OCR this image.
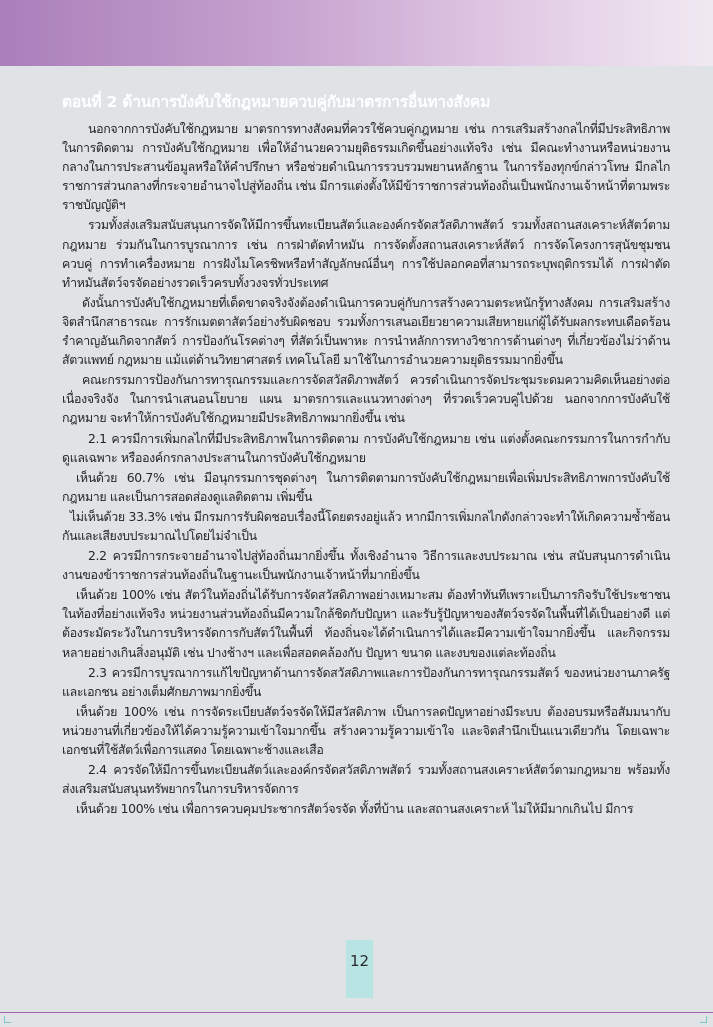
ตอนที่ 2 ด้านการบังคับใช้กฎหมายควบคู่กับมาตรการอื่นทางสังคม

นอกจากการบังคับใช้กฎหมาย มาตรการทางสังคมที่ควรใช้ควบคู่กฎหมาย เช่น การเสริมสร้างกลไกที่มีประสิทธิภาพในการติดตาม การบังคับใช้กฎหมาย เพื่อให้อำนวยความยุติธรรมเกิดขึ้นอย่างแท้จริง เช่น มีคณะทำงานหรือหน่วยงานกลางในการประสานข้อมูลหรือให้คำปรึกษา หรือช่วยดำเนินการรวบรวมพยานหลักฐาน ในการร้องทุกข์กล่าวโทษ มีกลไกราชการส่วนกลางที่กระจายอำนาจไปสู่ท้องถิ่น เช่น มีการแต่งตั้งให้มีข้าราชการส่วนท้องถิ่นเป็นพนักงานเจ้าหน้าที่ตามพระราชบัญญัติฯ

รวมทั้งส่งเสริมสนับสนุนการจัดให้มีการขึ้นทะเบียนสัตว์และองค์กรจัดสวัสดิภาพสัตว์ รวมทั้งสถานสงเคราะห์สัตว์ตามกฎหมาย ร่วมกันในการบูรณาการ เช่น การฝ่าตัดทำหมัน การจัดตั้งสถานสงเคราะห์สัตว์ การจัดโครงการสุนัขชุมชน ควบคู่ การทำเครื่องหมาย การฝังไมโครชิพหรือทำสัญลักษณ์อื่นๆ การใช้ปลอกคอที่สามารถระบุพฤติกรรมได้ การฝ่าตัดทำหมันสัตว์จรจัดอย่างรวดเร็วครบทั้งวงจรทั่วประเทศ

ดังนั้นการบังคับใช้กฎหมายที่เด็ดขาดจริงจังต้องดำเนินการควบคู่กับการสร้างความตระหนักรู้ทางสังคม การเสริมสร้างจิตสำนึกสาธารณะ การรักเมตตาสัตว์อย่างรับผิดชอบ รวมทั้งการเสนอเยียวยาความเสียหายแก่ผู้ได้รับผลกระทบเดือดร้อนรำคาญอันเกิดจากสัตว์ การป้องกันโรคต่างๆ ที่สัตว์เป็นพาหะ การนำหลักการทางวิชาการด้านต่างๆ ที่เกี่ยวข้องไม่ว่าด้านสัตวแพทย์ กฎหมาย แม้แต่ด้านวิทยาศาสตร์ เทคโนโลยี มาใช้ในการอำนวยความยุติธรรมมากยิ่งขึ้น

คณะกรรมการป้องกันการทารุณกรรมและการจัดสวัสดิภาพสัตว์ ควรดำเนินการจัดประชุมระดมความคิดเห็นอย่างต่อเนื่องจริงจัง ในการนำเสนอนโยบาย แผน มาตรการและแนวทางต่างๆ ที่รวดเร็วควบคู่ไปด้วย นอกจากการบังคับใช้กฎหมาย จะทำให้การบังคับใช้กฎหมายมีประสิทธิภาพมากยิ่งขึ้น เช่น

2.1 ควรมีการเพิ่มกลไกที่มีประสิทธิภาพในการติดตาม การบังคับใช้กฎหมาย เช่น แต่งตั้งคณะกรรมการในการกำกับดูแลเฉพาะ หรือองค์กรกลางประสานในการบังคับใช้กฎหมาย

เห็นด้วย 60.7% เช่น มีอนุกรรมการชุดต่างๆ ในการติดตามการบังคับใช้กฎหมายเพื่อเพิ่มประสิทธิภาพการบังคับใช้กฎหมาย และเป็นการสอดส่องดูแลติดตาม เพิ่มขึ้น

ไม่เห็นด้วย 33.3% เช่น มีกรมการรับผิดชอบเรื่องนี้โดยตรงอยู่แล้ว หากมีการเพิ่มกลไกดังกล่าวจะทำให้เกิดความซ้ำซ้อนกันและเสียงบประมาณไปโดยไม่จำเป็น

2.2 ควรมีการกระจายอำนาจไปสู่ท้องถิ่นมากยิ่งขึ้น ทั้งเชิงอำนาจ วิธีการและงบประมาณ เช่น สนับสนุนการดำเนินงานของข้าราชการส่วนท้องถิ่นในฐานะเป็นพนักงานเจ้าหน้าที่มากยิ่งขึ้น

เห็นด้วย 100% เช่น สัตว์ในท้องถิ่นได้รับการจัดสวัสดิภาพอย่างเหมาะสม ต้องทำทันทีเพราะเป็นภารกิจรับใช้ประชาชนในท้องที่อย่างแท้จริง หน่วยงานส่วนท้องถิ่นมีความใกล้ชิดกับปัญหา และรับรู้ปัญหาของสัตว์จรจัดในพื้นที่ได้เป็นอย่างดี แต่ต้องระมัดระวังในการบริหารจัดการกับสัตว์ในพื้นที่ ท้องถิ่นจะได้ดำเนินการได้และมีความเข้าใจมากยิ่งขึ้น และกิจกรรมหลายอย่างเกินสิ่งอนุมัติ เช่น ปางช้างฯ และเพื่อสอดคล้องกับ ปัญหา ขนาด และงบของแต่ละท้องถิ่น

2.3 ควรมีการบูรณาการแก้ไขปัญหาด้านการจัดสวัสดิภาพและการป้องกันการทารุณกรรมสัตว์ ของหน่วยงานภาครัฐและเอกชน อย่างเต็มศักยภาพมากยิ่งขึ้น

เห็นด้วย 100% เช่น การจัดระเบียบสัตว์จรจัดให้มีสวัสดิภาพ เป็นการลดปัญหาอย่างมีระบบ ต้องอบรมหรือสัมมนากับหน่วยงานที่เกี่ยวข้องให้ได้ความรู้ความเข้าใจมากขึ้น สร้างความรู้ความเข้าใจ และจิตสำนึกเป็นแนวเดียวกัน โดยเฉพาะเอกชนที่ใช้สัตว์เพื่อการแสดง โดยเฉพาะช้างและเสือ

2.4 ควรจัดให้มีการขึ้นทะเบียนสัตว์และองค์กรจัดสวัสดิภาพสัตว์ รวมทั้งสถานสงเคราะห์สัตว์ตามกฎหมาย พร้อมทั้งส่งเสริมสนับสนุนทรัพยากรในการบริหารจัดการ

เห็นด้วย 100% เช่น เพื่อการควบคุมประชากรสัตว์จรจัด ทั้งที่บ้าน และสถานสงเคราะห์ ไม่ให้มีมากเกินไป มีการ

12
